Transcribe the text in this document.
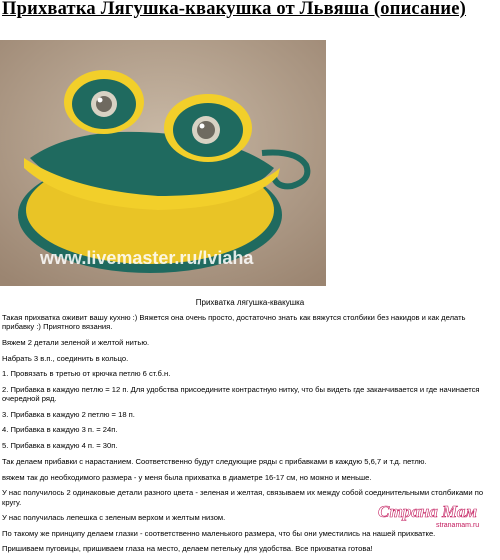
Прихватка Лягушка-квакушка от Львяша (описание)
www.livemaster.ru/lviaha
Прихватка лягушка-квакушка

Такая прихватка оживит вашу кухню :) Вяжется она очень просто, достаточно знать как вяжутся столбики без накидов и как делать прибавку :) Приятного вязания.

Вяжем 2 детали зеленой и желтой нитью.

Набрать 3 в.п., соединить в кольцо.

1. Провязать в третью от крючка петлю 6 ст.б.н.

2. Прибавка в каждую петлю = 12 п. Для удобства присоедините контрастную нитку, что бы видеть где заканчивается и где начинается очередной ряд.

3. Прибавка в каждую 2 петлю = 18 п.

4. Прибавка в каждую 3 п. = 24п.

5. Прибавка в каждую 4 п. = 30п.

Так делаем прибавки с нарастанием. Соответственно будут следующие ряды с прибавками в каждую 5,6,7 и т.д. петлю.

вяжем так до необходимого размера - у меня была прихватка в диаметре 16-17 см, но можно и меньше.

У нас получилось 2 одинаковые детали разного цвета - зеленая и желтая, связываем их между собой соединительными столбиками по кругу.

У нас получилась лепешка с зеленым верхом и желтым низом.

По такому же принципу делаем глазки - соответственно маленького размера, что бы они уместились на нашей прихватке.

Пришиваем пуговицы, пришиваем глаза на место, делаем петельку для удобства. Все прихватка готова!

Страна Мам
stranamam.ru
